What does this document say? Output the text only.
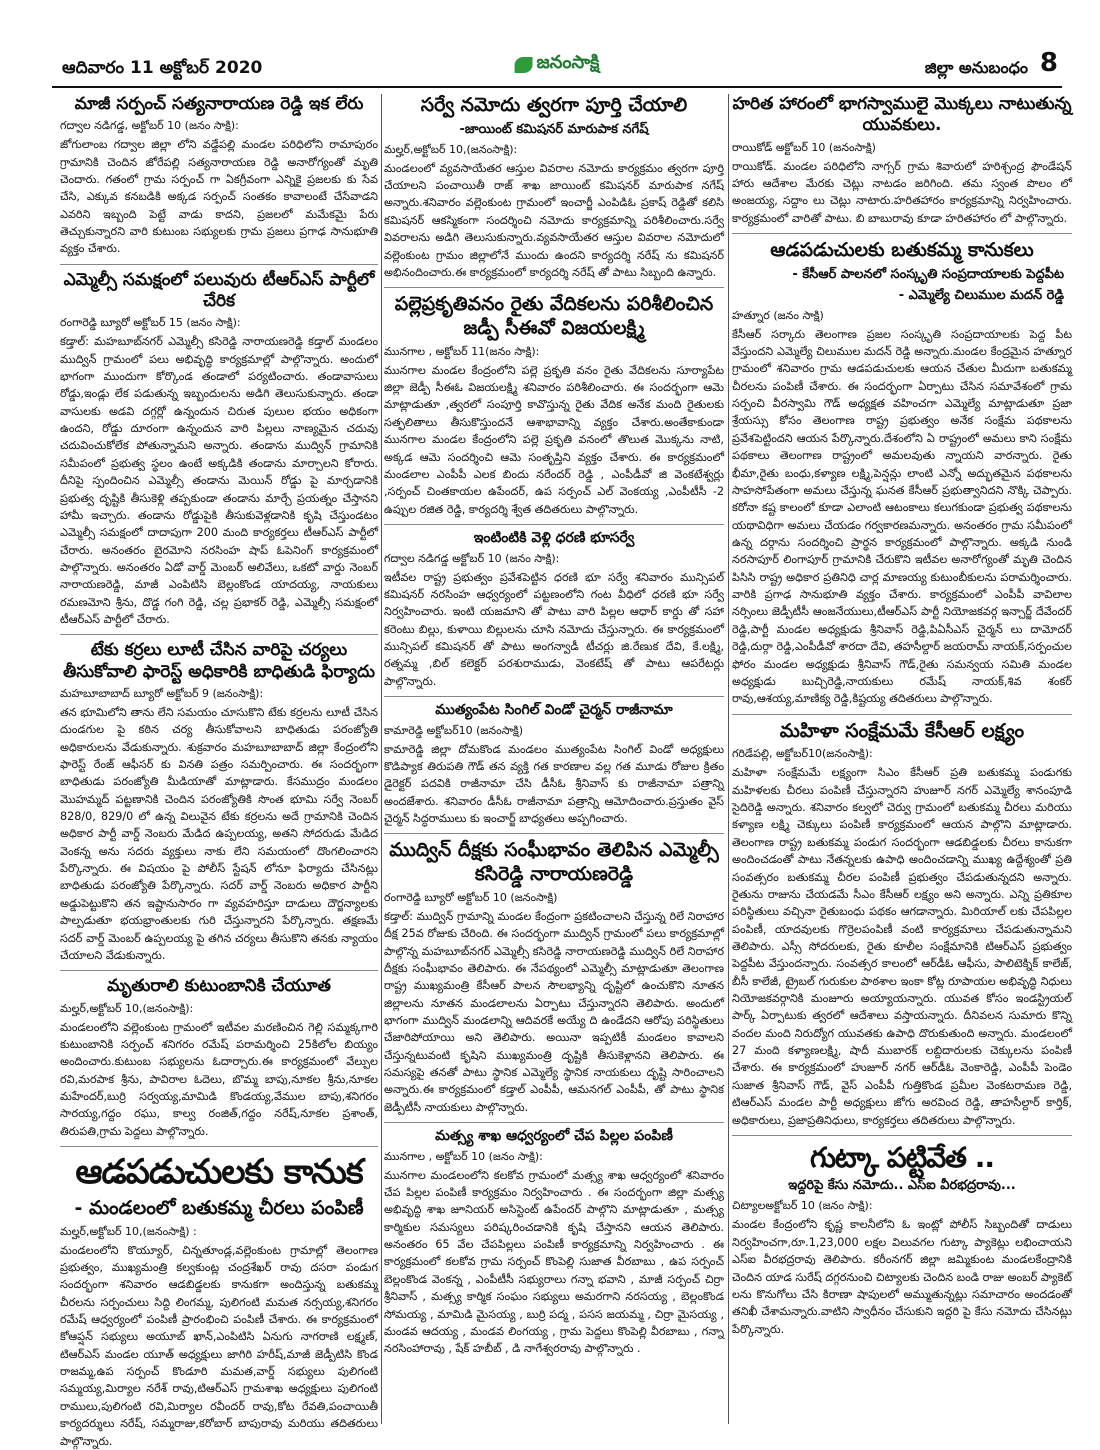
ఆదివారం 11 అక్టోబర్ 2020	జనంసాక్షి	జిల్లా అనుబంధం 8
మాజీ సర్పంచ్ సత్యనారాయణ రెడ్డి ఇక లేరు
గద్వాల నడిగడ్డ, అక్టోబర్ 10 (జనం సాక్షి):
జోగులాంబ గద్వాల జిల్లా లోని వడ్డేపల్లి మండల పరిధిలోని రామాపురం గ్రామానికి చెందిన జోరేపల్లి సత్యనారాయణ రెడ్డి అనారోగ్యంతో మృతి చెందారు. గతంలో గ్రామ సర్పంచ్ గా ఏకగ్రీవంగా ఎన్నికై ప్రజలకు కు సేవ చేసి, ఎక్కువ కనబడికి అక్కడ సర్పంచ్ సంతకం కావాలంటే చేసేవాడని ఎవరిని ఇబ్బంది పెట్టే వాడు కాదని, ప్రజలలో మమేకమై పేరు తెచ్చుకున్నారని వారి కుటుంబ సభ్యులకు గ్రామ ప్రజలు ప్రగాఢ సానుభూతి వ్యక్తం చేశారు.
ఎమ్మెల్సీ సమక్షంలో పలువురు టీఆర్ఎస్ పార్టీలో చేరిక
రంగారెడ్డి బ్యూరో అక్టోబర్ 15 (జనం సాక్షి):
కడ్తాల్: మహబూబ్‌నగర్ ఎమ్మెల్సీ కసిరెడ్డి నారాయణరెడ్డి కడ్తాల్ మండలం ముద్విన్ గ్రామంలో పలు అభివృద్ధి కార్యక్రమాల్లో పాల్గొన్నారు. అందులో భాగంగా ముందుగా కోర్కొండ తండాలో పర్యటించారు. తండావాసులు రోడ్డు,ఇండ్లు లేక పడుతున్న ఇబ్బందులను అడిగి తెలుసుకున్నారు. తండా వాసులకు అడవి దగ్గర్లో ఉన్నందున చిరుత పులుల భయం అధికంగా ఉందని, రోడ్డు దూరంగా ఉన్నందున వారి పిల్లలు నాణ్యమైన చదువు చదువించుకోలేక పోతున్నామని అన్నారు. తండాను ముద్విన్ గ్రామానికి సమీపంలో ప్రభుత్వ స్థలం ఉంటే అక్కడికి తండాను మార్చాలని కోరారు. దీనిపై స్పందించిన ఎమ్మెల్సీ తండాను మెయిన్ రోడ్డు పై మార్చడానికి ప్రభుత్వ దృష్టికి తీసుకెళ్లి తప్పకుండా తండాను మార్చే ప్రయత్నం చేస్తానని హామీ ఇచ్చారు. తండాను రోడ్డుపైకి తీసుకువెళ్లడానికి కృషి చేస్తుండటం ఎమ్మెల్సీ సమక్షంలో దాదాపుగా 200 మంది కార్యకర్తలు టీఆర్ఎస్ పార్టీలో చేరారు. అనంతరం బైరమోని నరసింహ షాప్ ఓపెనింగ్ కార్యక్రమంలో పాల్గొన్నారు. అనంతరం ఏడో వార్డ్ మెంబర్ అలివేలు, ఒకటో వార్డు నెంబర్ నారాయణరెడ్డి, మాజీ ఎంపిటిసి బెల్లంకొండ యాదయ్య, నాయకులు రమణమోని శ్రీను, దొడ్డ గంగి రెడ్డి, చల్ల ప్రభాకర్ రెడ్డి, ఎమ్మెల్సీ సమక్షంలో టీఆర్ఎస్ పార్టీలో చేరారు.
టేకు కర్రలు లూటీ చేసిన వారిపై చర్యలు తీసుకోవాలి ఫారెస్ట్ అధికారికి బాధితుడి ఫిర్యాదు
మహబూబాబాద్ బ్యూరో అక్టోబర్ 9 (జనంసాక్షి):
తన భూమిలోని తాను లేని సమయం చూసుకొని టేకు కర్రలను లూటీ చేసిన దుండగుల పై కఠిన చర్య తీసుకోవాలని బాధితుడు పరంజ్యోతి అధికారులను వేడుకున్నారు. శుక్రవారం మహబూబాబాద్ జిల్లా కేంద్రంలోని ఫారెస్ట్ రేంజ్ ఆఫీసర్ కు వినతి పత్రం సమర్పించారు. ఈ సందర్భంగా బాధితుడు పరంజ్యోతి మీడియాతో మాట్లాడారు. కేసముద్రం మండలం మొహమ్మద్ పట్టణానికి చెందిన పరంజ్యోతికి సొంత భూమి సర్వే నెంబర్ 828/0, 829/0 లో ఉన్న విలువైన టేకు కర్రలను అదే గ్రామానికి చెందిన అధికార పార్టీ వార్డ్ నెంబరు మేడిద ఉప్పలయ్య, అతని సోదరుడు మేడిద వెంకన్న అను సదరు వ్యక్తులు నాకు లేని సమయంలో దొంగలించారని పేర్కొన్నారు. ఈ విషయం పై పోలీస్ స్టేషన్ లోనూ ఫిర్యాదు చేసినట్లు బాధితుడు పరంజ్యోతి పేర్కొన్నారు. సదర్ వార్డ్ నెంబరు అధికార పార్టీని అడ్డుపెట్టుకొని తన ఇష్టానుసారం గా వ్యవహరిస్తూ దాడులు దౌర్జన్యాలకు పాల్పడుతూ భయభ్రాంతులకు గురి చేస్తున్నారని పేర్కొన్నారు. తక్షణమే సదర్ వార్డ్ మెంబర్ ఉప్పలయ్య పై తగిన చర్యలు తీసుకొని తనకు న్యాయం చేయాలని వేడుకున్నారు.
మృతురాలి కుటుంబానికి చేయూత
మల్హర్,అక్టోబర్ 10,(జనంసాక్షి):
మండలంలోని వల్లెంకుంట గ్రామంలో ఇటీవల మరణించిన గెల్లి సమ్మక్కగారి కుటుంబానికి సర్పంచ్ శనిగరం రమేష్ పరామర్శించి 25కిలోల బియ్యం అందించారు.కుటుంబ సభ్యులను ఓదార్చారు.ఈ కార్యక్రమంలో వేల్పుల రవి,మరపాక శ్రీను, పావిరాల ఓదెలు, బొమ్మ బాపు,నూకల శ్రీను,నూకల మహేందర్,బుర్రి సర్వయ్య,మామిడి కొండయ్య,వేముల బాపు,శనిగరం సారయ్య,గద్దం రఘు, కాల్వ రంజిత్,గద్దం నరేష్,నూకల ప్రశాంత్, తిరుపతి,గ్రామ పెద్దలు పాల్గొన్నారు.
ఆడపడుచులకు కానుక
- మండలంలో బతుకమ్మ చీరలు పంపిణీ
మల్హర్,అక్టోబర్ 10,(జనంసాక్షి) :
మండలంలోని కొయ్యూర్, చిన్నతూండ్ల,వల్లెంకుంట గ్రామాల్లో తెలంగాణ ప్రభుత్వం, ముఖ్యమంత్రి కల్వకుంట్ల చంద్రశేఖర్ రావు దసరా పండుగ సందర్భంగా శనివారం ఆడబిడ్డలకు కానుకగా అందిస్తున్న బతుకమ్మ చీరలను సర్పంచులు సిద్ది లింగమ్మ, పులిగంటి మమత నర్సయ్య,శనిగరం రమేష్ ఆధ్వర్యంలో పంపిణీ ప్రారంభించి పంపిణీ చేశారు. ఈ కార్యక్రమంలో కోఆప్షన్ సభ్యులు అయూబ్ ఖాన్,ఎంపిటిసి ఏనుగు నాగరాణి లక్ష్మణ్, టిఆర్ఎస్ మండల యూత్ అధ్యక్షులు జాగిరి హరీష్,మాజీ జెడ్పీటిసి కొండ రాజమ్మ,ఉప సర్పంచ్ కొండూరి మమత,వార్డ్ సభ్యులు పులిగంటి సమ్మయ్య,మిర్యాల నరేశ్ రావు,టిఆర్ఎస్ గ్రామశాఖ అధ్యక్షులు పులిగంటి రాములు,పులిగంటి రవి,మిర్యాల రవీందర్ రావు,కోట రేవతి,పంచాయితీ కార్యదర్శులు నరేష్, సమ్మరాజు,కరోబార్ బాపురావు మరియు తదితరులు పాల్గొన్నారు.
సర్వే నమోదు త్వరగా పూర్తి చేయాలి
-జాయింట్ కమిషనర్ మారుపాక నగేష్
మల్హర్,అక్టోబర్ 10,(జనంసాక్షి):
మండలంలో వ్యవసాయేతర ఆస్తుల వివరాల నమోదు కార్యక్రమం త్వరగా పూర్తి చేయాలని పంచాయితీ రాజ్ శాఖ జాయింట్ కమిషనర్ మారుపాక నగేష్ అన్నారు.శనివారం వల్లెంకుంట గ్రామంలో ఇంచార్జీ ఎంపిడిఓ ప్రకాష్ రెడ్డితో కలిసి కమిషనర్ ఆకస్మికంగా సందర్శించి నమోదు కార్యక్రమాన్ని పరిశీలించారు.సర్వే వివరాలను అడిగి తెలుసుకున్నారు.వ్యవసాయేతర ఆస్తుల వివరాల నమోదులో వల్లెంకుంట గ్రామం జిల్లాలోనే ముందు ఉందని కార్యదర్శి నరేష్ ను కమిషనర్ అభినందించారు.ఈ కార్యక్రమంలో కార్యదర్శి నరేష్ తో పాటు సిబ్బంది ఉన్నారు.
పల్లెప్రకృతివనం రైతు వేదికలను పరిశీలించిన జడ్పీ సీఈవో విజయలక్ష్మి
మునగాల , అక్టోబర్ 11(జనం సాక్షి):
మునగాల మండల కేంద్రంలోని పల్లె ప్రకృతి వనం రైతు వేదికలను సూర్యాపేట జిల్లా జెడ్పీ సీఈఓ విజయలక్ష్మి శనివారం పరిశీలించారు. ఈ సందర్భంగా ఆమె మాట్లాడుతూ ,త్వరలో సంపూర్తి కావొస్తున్న రైతు వేదిక అనేక మంది రైతులకు సత్ఫలితాలు తీసుకొస్తుందనే ఆశాభావాన్ని వ్యక్తం చేశారు.అంతేకాకుండా మునగాల మండల కేంద్రంలోని పల్లె ప్రకృతి వనంలో తొలుత మొక్కను నాటి, అక్కడ ఆమె సందర్శించి ఆమె సంతృప్తిని వ్యక్తం చేశారు. ఈ కార్యక్రమంలో మండలాల ఎంపీపీ ఎలక బిందు నరేందర్ రెడ్డి , ఎంపీడీవో జి వెంకటేశ్వర్లు ,సర్పంచ్ చింతకాయల ఉపేందర్, ఉప సర్పంచ్ ఎల్ వెంకయ్య ,ఎంపీటీసీ -2 ఉప్పుల రజిత రెడ్డి, కార్యదర్శి శ్వేత తదితరులు పాల్గొన్నారు.
ఇంటింటికి వెళ్లి ధరణి భూసర్వే
గద్వాల నడిగడ్డ అక్టోబర్ 10 (జనం సాక్షి):
ఇటీవల రాష్ట్ర ప్రభుత్వం ప్రవేశపెట్టిన ధరణి భూ సర్వే శనివారం మున్సిపల్ కమిషనర్ నరసింహ ఆధ్వర్యంలో పట్టణంలోని గంట వీధిలో ధరణి భూ సర్వే నిర్వహించారు. ఇంటి యజమాని తో పాటు వారి పిల్లల ఆధార్ కార్డు తో సహా కరెంటు బిల్లు, కుళాయి బిల్లులను చూసి నమోదు చేస్తున్నారు. ఈ కార్యక్రమంలో మున్సిపల్ కమిషనర్ తో పాటు అంగన్వాడీ టీచర్లు జి.రేణుక దేవి, కే.లక్ష్మి, రత్నమ్మ ,బిల్ కలెక్టర్ పరశురాముడు, వెంకటేష్ తో పాటు ఆపరేటర్లు పాల్గొన్నారు.
ముత్యంపేట సింగిల్ విండో చైర్మన్ రాజీనామా
కామారెడ్డి అక్టోబర్10 (జనంసాక్షి)
కామారెడ్డి జిల్లా దోమకొండ మండలం ముత్యంపేట సింగిల్ విండో అధ్యక్షులు కొడిప్యాక తిరుపతి గౌడ్ తన వ్యక్తి గత కారణాల వల్ల గత మూడు రోజుల క్రితం డైరెక్టర్ పదవికి రాజీనామా చేసి డీసీఓ శ్రీనివాస్ కు రాజీనామా పత్రాన్ని అందజేశారు. శనివారం డీసీఓ రాజీనామా పత్రాన్ని ఆమోదించారు.ప్రస్తుతం వైస్ చైర్మన్ సిద్ధరాములు కు ఇంచార్జ్ బాధ్యతలు అప్పగించారు.
ముద్విన్ దీక్షకు సంఘీభావం తెలిపిన ఎమ్మెల్సీ కసిరెడ్డి నారాయణరెడ్డి
రంగారెడ్డి బ్యూరో అక్టోబర్ 10 (జనంసాక్షి)
కడ్తాల్: ముద్విన్ గ్రామాన్ని మండల కేంద్రంగా ప్రకటించాలని చేస్తున్న రిలే నిరాహార దీక్ష 25వ రోజుకు చేరింది. ఈ సందర్భంగా ముద్విన్ గ్రామంలో పలు కార్యక్రమాల్లో పాల్గొన్న మహబూబ్‌నగర్ ఎమ్మెల్సీ కసిరెడ్డి నారాయణరెడ్డి ముద్విన్ రిలే నిరాహార దీక్షకు సంఘీభావం తెలిపారు. ఈ నేపథ్యంలో ఎమ్మెల్సీ మాట్లాడుతూ తెలంగాణ రాష్ట్ర ముఖ్యమంత్రి కేసీఆర్ పాలన సౌలభ్యాన్ని దృష్టిలో ఉంచుకొని నూతన జిల్లాలను నూతన మండలాలను ఏర్పాటు చేస్తున్నారని తెలిపారు. అందులో భాగంగా ముద్విన్ మండలాన్ని ఆదివరకే అయ్యే ది ఉండేదని ఆరోపు పరిస్థితులు చేజారిపోయాయి అని తెలిపారు. అయినా ఇప్పటికీ మండలం కావాలని చేస్తున్నటువంటి కృషిని ముఖ్యమంత్రి దృష్టికి తీసుకెళ్లానని తెలిపారు. ఈ సమస్యపై తనతో పాటు స్థానిక ఎమ్మెల్యే స్థానిక నాయకులు దృష్టి సారించాలని అన్నారు.ఈ కార్యక్రమంలో కడ్తాల్ ఎంపీపీ, ఆమనగల్ ఎంపీపీ, తో పాటు స్థానిక జెడ్పీటీసీ నాయకులు పాల్గొన్నారు.
మత్స్య శాఖ ఆధ్వర్యంలో చేప పిల్లల పంపిణీ
మునగాల , అక్టోబర్ 10 (జనం సాక్షి):
మునగాల మండలంలోని కలకోవ గ్రామంలో మత్స్య శాఖ ఆధ్వర్యంలో శనివారం చేప పిల్లల పంపిణీ కార్యక్రమం నిర్వహించారు . ఈ సందర్భంగా జిల్లా మత్స్య అభివృద్ధి శాఖ జూనియర్ అసిస్టెంట్ ఉపేందర్ పాల్గొని మాట్లాడుతూ , మత్స్య కార్మికుల సమస్యలు పరిష్కరించడానికి కృషి చేస్తానని ఆయన తెలిపారు. అనంతరం 65 వేల చేపపిల్లలు పంపిణీ కార్యక్రమాన్ని నిర్వహించారు . ఈ కార్యక్రమంలో కలకోవ గ్రామ సర్పంచ్ కొంపెల్లి సుజాత వీరబాబు , ఉప సర్పంచ్ బెల్లంకొండ వెంకన్న , ఎంపీటీసీ సభ్యురాలు గన్నా భవాని , మాజీ సర్పంచ్ చిర్రా శ్రీనివాస్ , మత్స్య కార్మిక సంఘం సభ్యులు అమరగాని నరసయ్య , బెల్లంకొండ సోమయ్య , మామిడి మైసయ్య , బుర్రి పద్మ , పసస జయమ్మ , చిర్రా మైసయ్య , మండవ ఆదయ్య , మండవ లింగయ్య , గ్రామ పెద్దలు కొంపెల్లి వీరబాబు , గన్నా నరసింహారావు , షేక్ హబీబ్ , డి నాగేశ్వరరావు పాల్గొన్నారు .
హరిత హారంలో భాగస్వాములై మొక్కలు నాటుతున్న యువకులు.
రాయికోడ్ అక్టోబర్ 10 (జనంసాక్షి)
రాయికోడ్. మండల పరిధిలోని నాగ్సర్ గ్రామ శివారులో హరిశ్చంద్ర ఫౌండేషన్ హారు ఆదేశాల మేరకు చెట్లు నాటడం జరిగింది. తమ స్వంత పొలం లో అంజయ్య, సద్దాం లు చెట్లు నాటారు.హరితహారం కార్యక్రమాన్ని నిర్వహించారు. కార్యక్రమంలో వారితో పాటు. బి బాబురావు కూడా హరితహారం లో పాల్గొన్నారు.
ఆడపడుచులకు బతుకమ్మ కానుకలు
- కేసీఆర్ పాలనలో సంస్కృతి సంప్రదాయాలకు పెద్దపీట
- ఎమ్మెల్యే చిలుముల మదన్ రెడ్డి
హత్నూర (జనం సాక్షి)
కేసీఆర్ సర్కారు తెలంగాణ ప్రజల సంస్కృతి సంప్రదాయాలకు పెద్ద పీట వేస్తుందని ఎమ్మెల్యే చిలుముల మదన్ రెడ్డి అన్నారు.మండల కేంద్రమైన హత్నూర గ్రామంలో శనివారం గ్రామ ఆడపడుచులకు ఆయన చేతుల మీదుగా బతుకమ్మ చీరలను పంపిణీ చేశారు. ఈ సందర్భంగా ఏర్పాటు చేసిన సమావేశంలో గ్రామ సర్పంచి వీరస్వామి గౌడ్ అధ్యక్షత వహించగా ఎమ్మెల్యే మాట్లాడుతూ ప్రజా శ్రేయస్సు కోసం తెలంగాణ రాష్ట్ర ప్రభుత్వం అనేక సంక్షేమ పథకాలను ప్రవేశపెట్టిందని ఆయన పేర్కొన్నారు.దేశంలోని ఏ రాష్ట్రంలో అమలు కాని సంక్షేమ పథకాలు తెలంగాణ రాష్ట్రంలో అమలవుతు న్నాయని వారన్నారు. రైతు భీమా,రైతు బంధు,కళ్యాణ లక్ష్మి,పెన్షన్లు లాంటి ఎన్నో అద్భుతమైన పథకాలను సాహసోపేతంగా అమలు చేస్తున్న ఘనత కేసీఆర్ ప్రభుత్వానిదని నొక్కి చెప్పారు. కరోనా కష్ట కాలంలో కూడా ఎలాంటి ఆటంకాలు కలుగకుండా ప్రభుత్వ పథకాలను యథావిధిగా అమలు చేయడం గర్వకారణమన్నారు. అనంతరం గ్రామ సమీపంలో ఉన్న దర్గాను సందర్శించి ప్రార్థన కార్యక్రమంలో పాల్గొన్నారు. అక్కడి నుండి నరసాపూర్ లింగాపూర్ గ్రామానికి చేరుకొని ఇటీవల అనారోగ్యంతో మృతి చెందిన పిసిసి రాష్ట్ర అధికార ప్రతినిధి చార్ల మాణయ్య కుటుంబీకులను పరామర్శించారు. వారికి ప్రగాఢ సానుభూతి వ్యక్తం చేశారు. కార్యక్రమంలో ఎంపీపీ వావిలాల నర్సింలు జెడ్పీటీసీ ఆంజనేయులు,టీఆర్ఎస్ పార్టీ నియోజకవర్గ ఇన్చార్జ్ దేవేందర్ రెడ్డి,పార్టీ మండల అధ్యక్షుడు శ్రీనివాస్ రెడ్డి,పిఏసీఎస్ చైర్మన్ లు దామోదర్ రెడ్డి,దుర్గా రెడ్డి,ఎంపీడీవో శారదా దేవి, తహసీల్దార్ జయరామ్ నాయక్,సర్పంచుల ఫోరం మండల అధ్యక్షుడు శ్రీనివాస్ గౌడ్,రైతు సమన్వయ సమితి మండల అధ్యక్షుడు బుచ్చిరెడ్డి,నాయకులు రమేష్ నాయక్,శివ శంకర్ రావు,ఆశయ్య,మాణిక్య రెడ్డి,కిష్టయ్య తదితరులు పాల్గొన్నారు.
మహిళా సంక్షేమమే కేసీఆర్ లక్ష్యం
గరిడేపల్లి, అక్టోబర్10(జనంసాక్షి):
మహిళా సంక్షేమమే లక్ష్యంగా సిఎం కేసీఆర్ ప్రతి బతుకమ్మ పండుగకు మహిళలకు చీరలు పంపిణీ చేస్తున్నారని హుజూర్ నగర్ ఎమ్మెల్యే శానంపూడి సైదిరెడ్డి అన్నారు. శనివారం కల్వలో చెర్వు గ్రామంలో బతుకమ్మ చీరలు మరియు కళ్యాణ లక్ష్మి చెక్కులు పంపిణీ కార్యక్రమంలో ఆయన పాల్గొని మాట్లాడారు. తెలంగాణ రాష్ట్ర బతుకమ్మ పండుగ సందర్భంగా ఆడబిడ్డలకు చీరలు కానుకగా అందించడంతో పాటు నేతన్నలకు ఉపాధి అందించడాన్ని ముఖ్య ఉద్దేశ్యంతో ప్రతి సంవత్సరం బతుకమ్మ చీరల పంపిణీ ప్రభుత్వం చేపడుతున్నదని అన్నారు. రైతును రాజును చేయడమే సీఎం కేసీఆర్ లక్ష్యం అని అన్నారు. ఎన్ని ప్రతికూల పరిస్థితులు వచ్చినా రైతుబంధు పథకం ఆగడాన్నారు. మిరియాల్ లకు చేపపిల్లల పంపిణీ, యాదవులకు గొర్రెలపంపిణీ వంటి కార్యక్రమాలు చేపడుతున్నామని తెలిపారు. ఎస్సీ సోదరులకు, రైతు కూలీల సంక్షేమానికి టిఆర్ఎస్ ప్రభుత్వం పెద్దపీట వేస్తుందన్నారు. సంవత్సర కాలంలో ఆర్‌డీఓ ఆఫీసు, పాలిటెక్నిక్ కాలేజ్, బీసీ కాలేజీ, ట్రైబల్ గురుకుల పాఠశాల ఇంకా కోట్ల రూపాయల అభివృద్ధి నిధులు నియోజకవర్గానికి మంజూరు అయ్యాయన్నారు. యువత కోసం ఇండస్ట్రియల్ పార్క్ ఏర్పాటుకు త్వరలో ఆదేశాలు వస్తాయన్నారు. దీనివలన సుమారు కొన్ని వందల మంది నిరుద్యోగ యువతకు ఉపాధి దొరుకుతుంది అన్నారు. మండలంలో 27 మంది కళ్యాణలక్ష్మి, షాదీ ముబారక్ లబ్దిదారులకు చెక్కులను పంపిణీ చేశారు. ఈ కార్యక్రమంలో హుజూర్ నగర్ ఆర్‌డీఓ వెంకారెడ్డి, ఎంపీపీ పెండెం సుజాత శ్రీనివాస్ గౌడ్, వైస్ ఎంపీపీ గుత్తికొండ ప్రమీల వెంకటరామణ రెడ్డి, టిఆర్ఎస్ మండల పార్టీ అధ్యక్షులు జోగు అరవింద రెడ్డి, తాహసీల్దార్ కార్తిక్, అధికారులు, ప్రజాప్రతినిధులు, కార్యకర్తలు తదితరులు పాల్గొన్నారు.
గుట్కా పట్టివేత ..
ఇద్దరిపై కేసు నమోదు.. ఎస్ఐ వీరభద్రరావు...
చిట్యాలఅక్టోబర్ 10 (జనం సాక్షి):
మండల కేంద్రంలోని కృష్ణ కాలనీలోని ఓ ఇంట్లో పోలీస్ సిబ్బందితో దాడులు నిర్వహించగా,రూ.1,23,000 లక్షల విలువగల గుట్కా ప్యాకెట్లు లభించాయని ఎస్ఐ వీరభద్రరావు తెలిపారు. కరీంనగర్ జిల్లా జమ్మికుంట మండలకేంద్రానికి చెందిన యాడ సురేష్ దగ్గరనుంచి చిట్యాలకు చెందిన బండి రాజు అంబర్ ప్యాకెట్ లను కొనుగోలు చేసి కిరాణా షాపులలో అమ్ముతున్నట్లు సమాచారం అందడంతో తనిఖీ చేశామన్నారు.వాటిని స్వాధీనం చేసుకుని ఇద్దరి పై కేసు నమోదు చేసినట్లు పేర్కొన్నారు.
